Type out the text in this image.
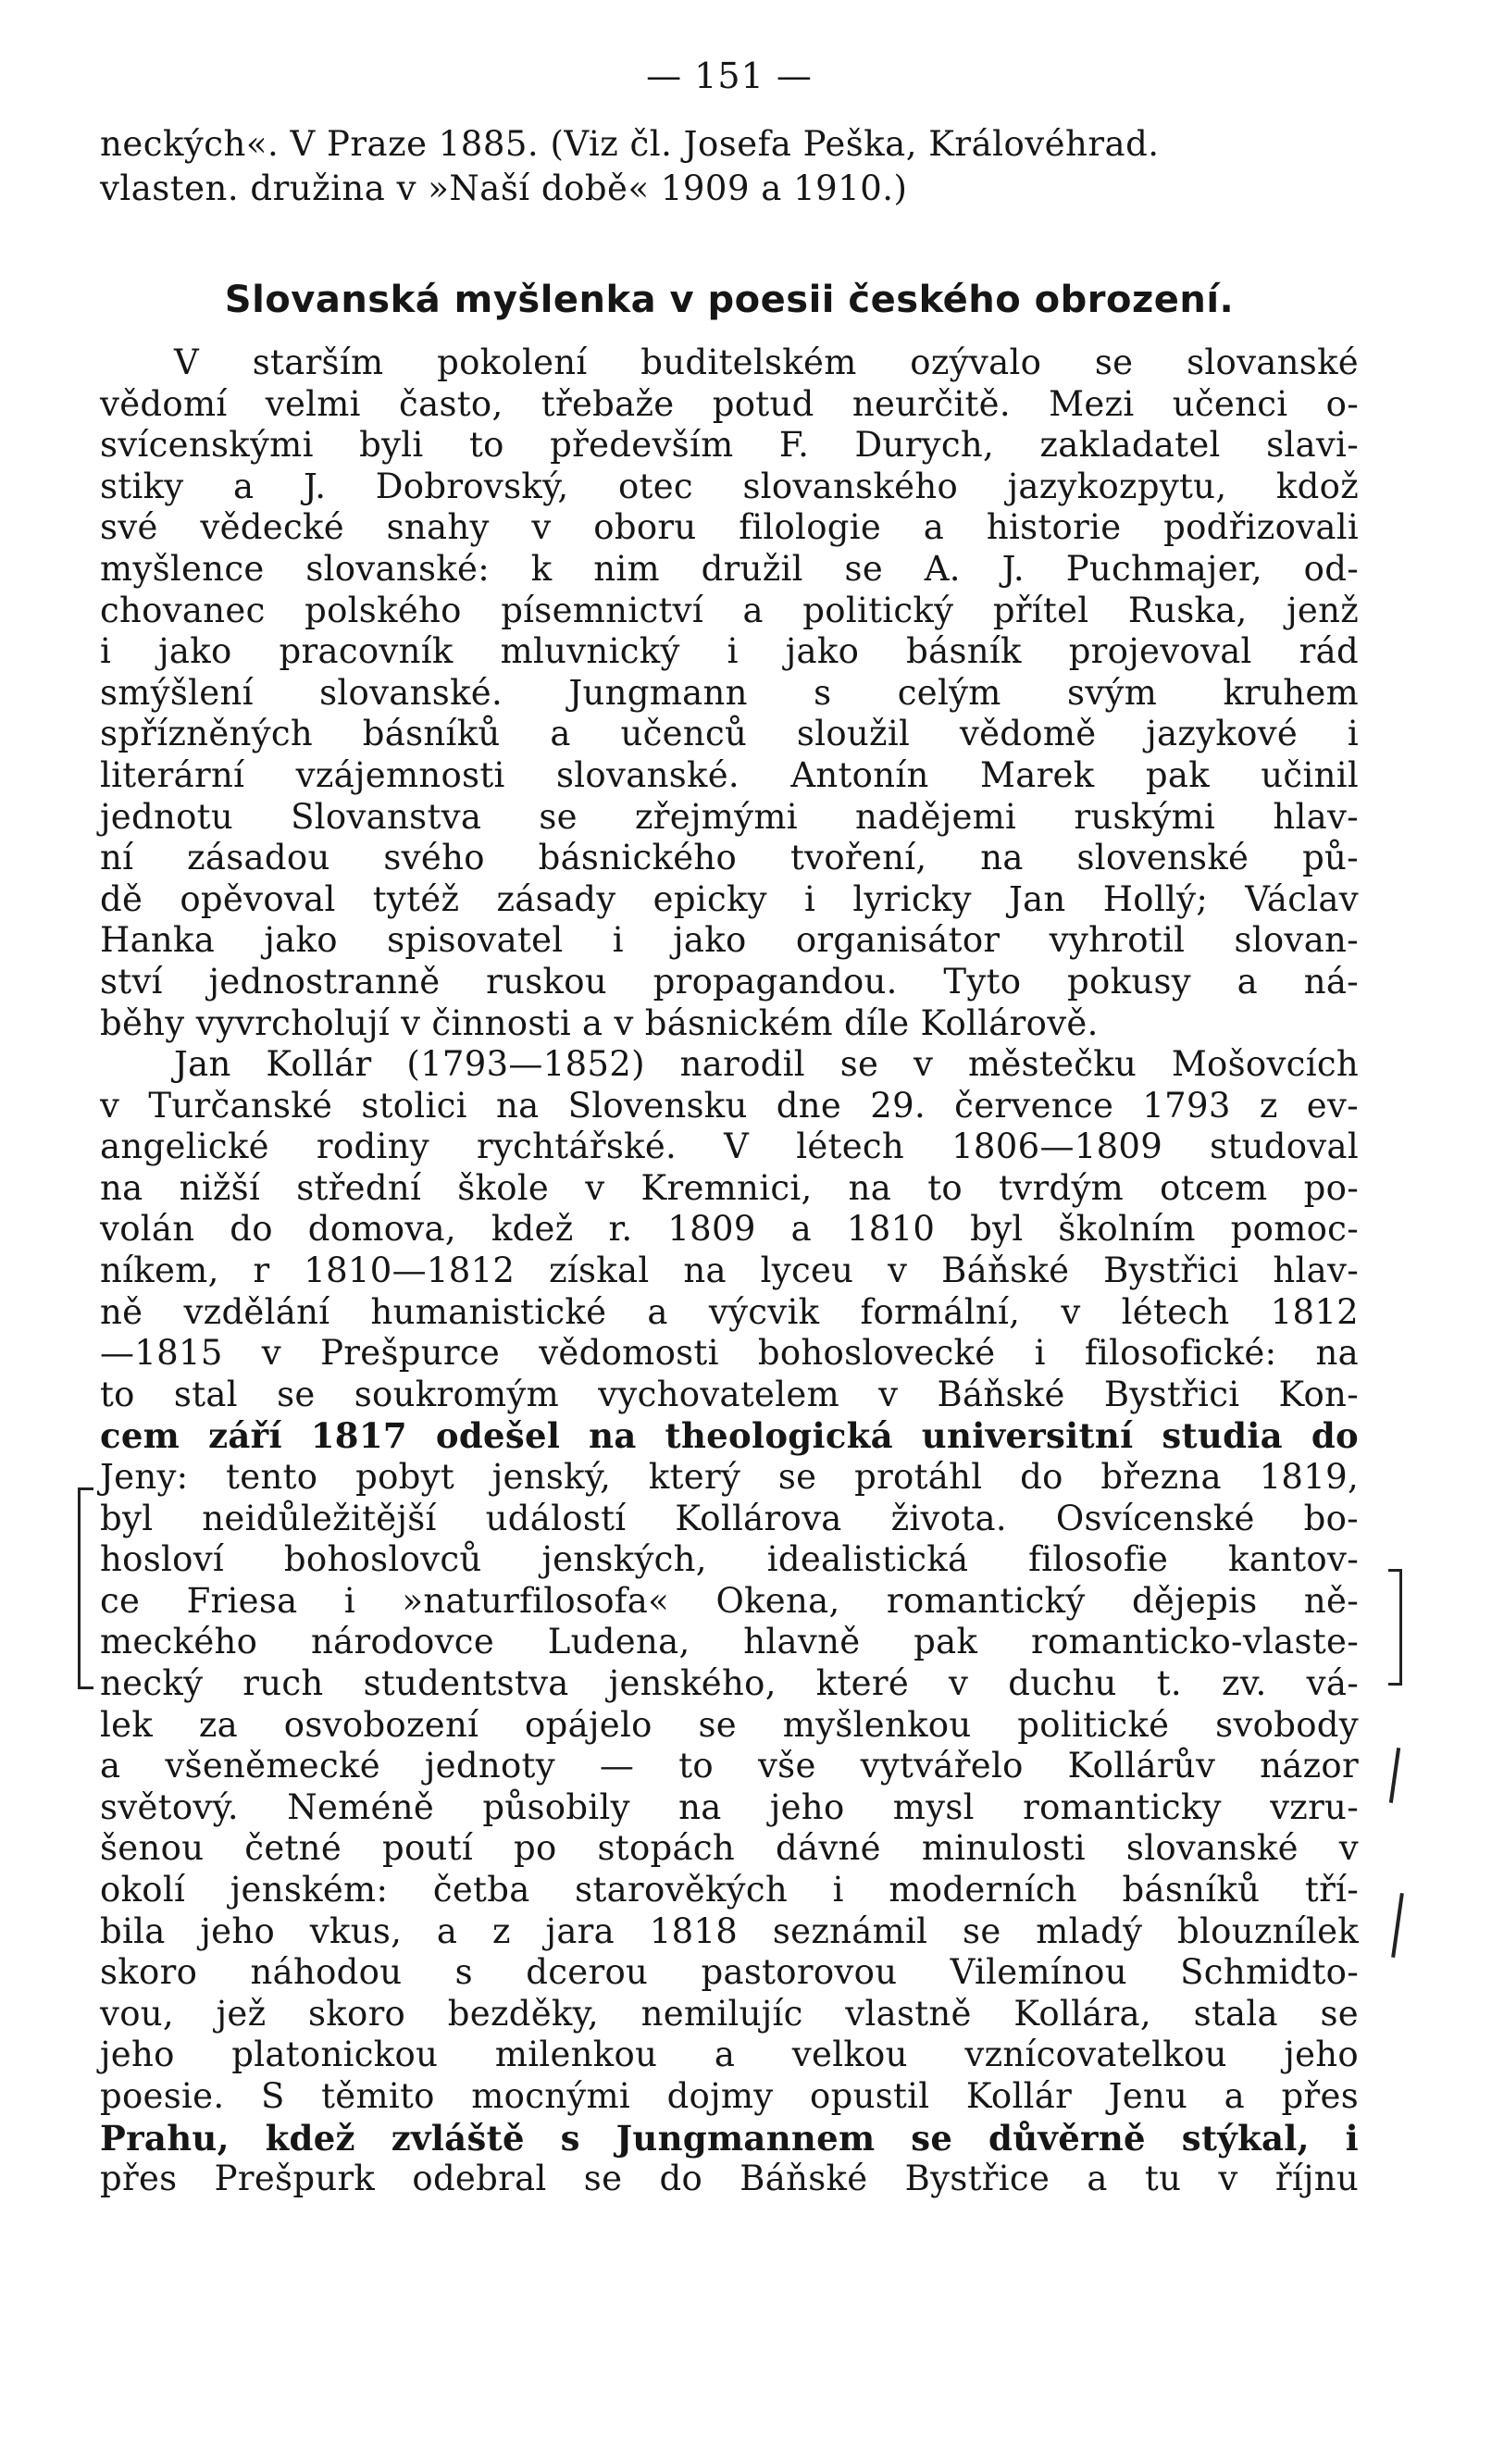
— 151 —
neckých«. V Praze 1885. (Viz čl. Josefa Peška, Královéhrad.
vlasten. družina v »Naší době« 1909 a 1910.)
Slovanská myšlenka v poesii českého obrození.
V starším pokolení buditelském ozývalo se slovanské
vědomí velmi často, třebaže potud neurčitě. Mezi učenci o-
svícenskými byli to především F. Durych, zakladatel slavi-
stiky a J. Dobrovský, otec slovanského jazykozpytu, kdož
své vědecké snahy v oboru filologie a historie podřizovali
myšlence slovanské: k nim družil se A. J. Puchmajer, od-
chovanec polského písemnictví a politický přítel Ruska, jenž
i jako pracovník mluvnický i jako básník projevoval rád
smýšlení slovanské. Jungmann s celým svým kruhem
spřízněných básníků a učenců sloužil vědomě jazykové i
literární vzájemnosti slovanské. Antonín Marek pak učinil
jednotu Slovanstva se zřejmými nadějemi ruskými hlav-
ní zásadou svého básnického tvoření, na slovenské pů-
dě opěvoval tytéž zásady epicky i lyricky Jan Hollý; Václav
Hanka jako spisovatel i jako organisátor vyhrotil slovan-
ství jednostranně ruskou propagandou. Tyto pokusy a ná-
běhy vyvrcholují v činnosti a v básnickém díle Kollárově.
Jan Kollár (1793—1852) narodil se v městečku Mošovcích
v Turčanské stolici na Slovensku dne 29. července 1793 z ev-
angelické rodiny rychtářské. V létech 1806—1809 studoval
na nižší střední škole v Kremnici, na to tvrdým otcem po-
volán do domova, kdež r. 1809 a 1810 byl školním pomoc-
níkem, r 1810—1812 získal na lyceu v Báňské Bystřici hlav-
ně vzdělání humanistické a výcvik formální, v létech 1812
—1815 v Prešpurce vědomosti bohoslovecké i filosofické: na
to stal se soukromým vychovatelem v Báňské Bystřici Kon-
cem září 1817 odešel na theologická universitní studia do
Jeny: tento pobyt jenský, který se protáhl do března 1819,
byl neidůležitější událostí Kollárova života. Osvícenské bo-
hosloví bohoslovců jenských, idealistická filosofie kantov-
ce Friesa i »naturfilosofa« Okena, romantický dějepis ně-
meckého národovce Ludena, hlavně pak romanticko-vlaste-
necký ruch studentstva jenského, které v duchu t. zv. vá-
lek za osvobození opájelo se myšlenkou politické svobody
a všeněmecké jednoty — to vše vytvářelo Kollárův názor
světový. Neméně působily na jeho mysl romanticky vzru-
šenou četné poutí po stopách dávné minulosti slovanské v
okolí jenském: četba starověkých i moderních básníků tří-
bila jeho vkus, a z jara 1818 seznámil se mladý blouznílek
skoro náhodou s dcerou pastorovou Vilemínou Schmidto-
vou, jež skoro bezděky, nemilujíc vlastně Kollára, stala se
jeho platonickou milenkou a velkou vznícovatelkou jeho
poesie. S těmito mocnými dojmy opustil Kollár Jenu a přes
Prahu, kdež zvláště s Jungmannem se důvěrně stýkal, i
přes Prešpurk odebral se do Báňské Bystřice a tu v říjnu
